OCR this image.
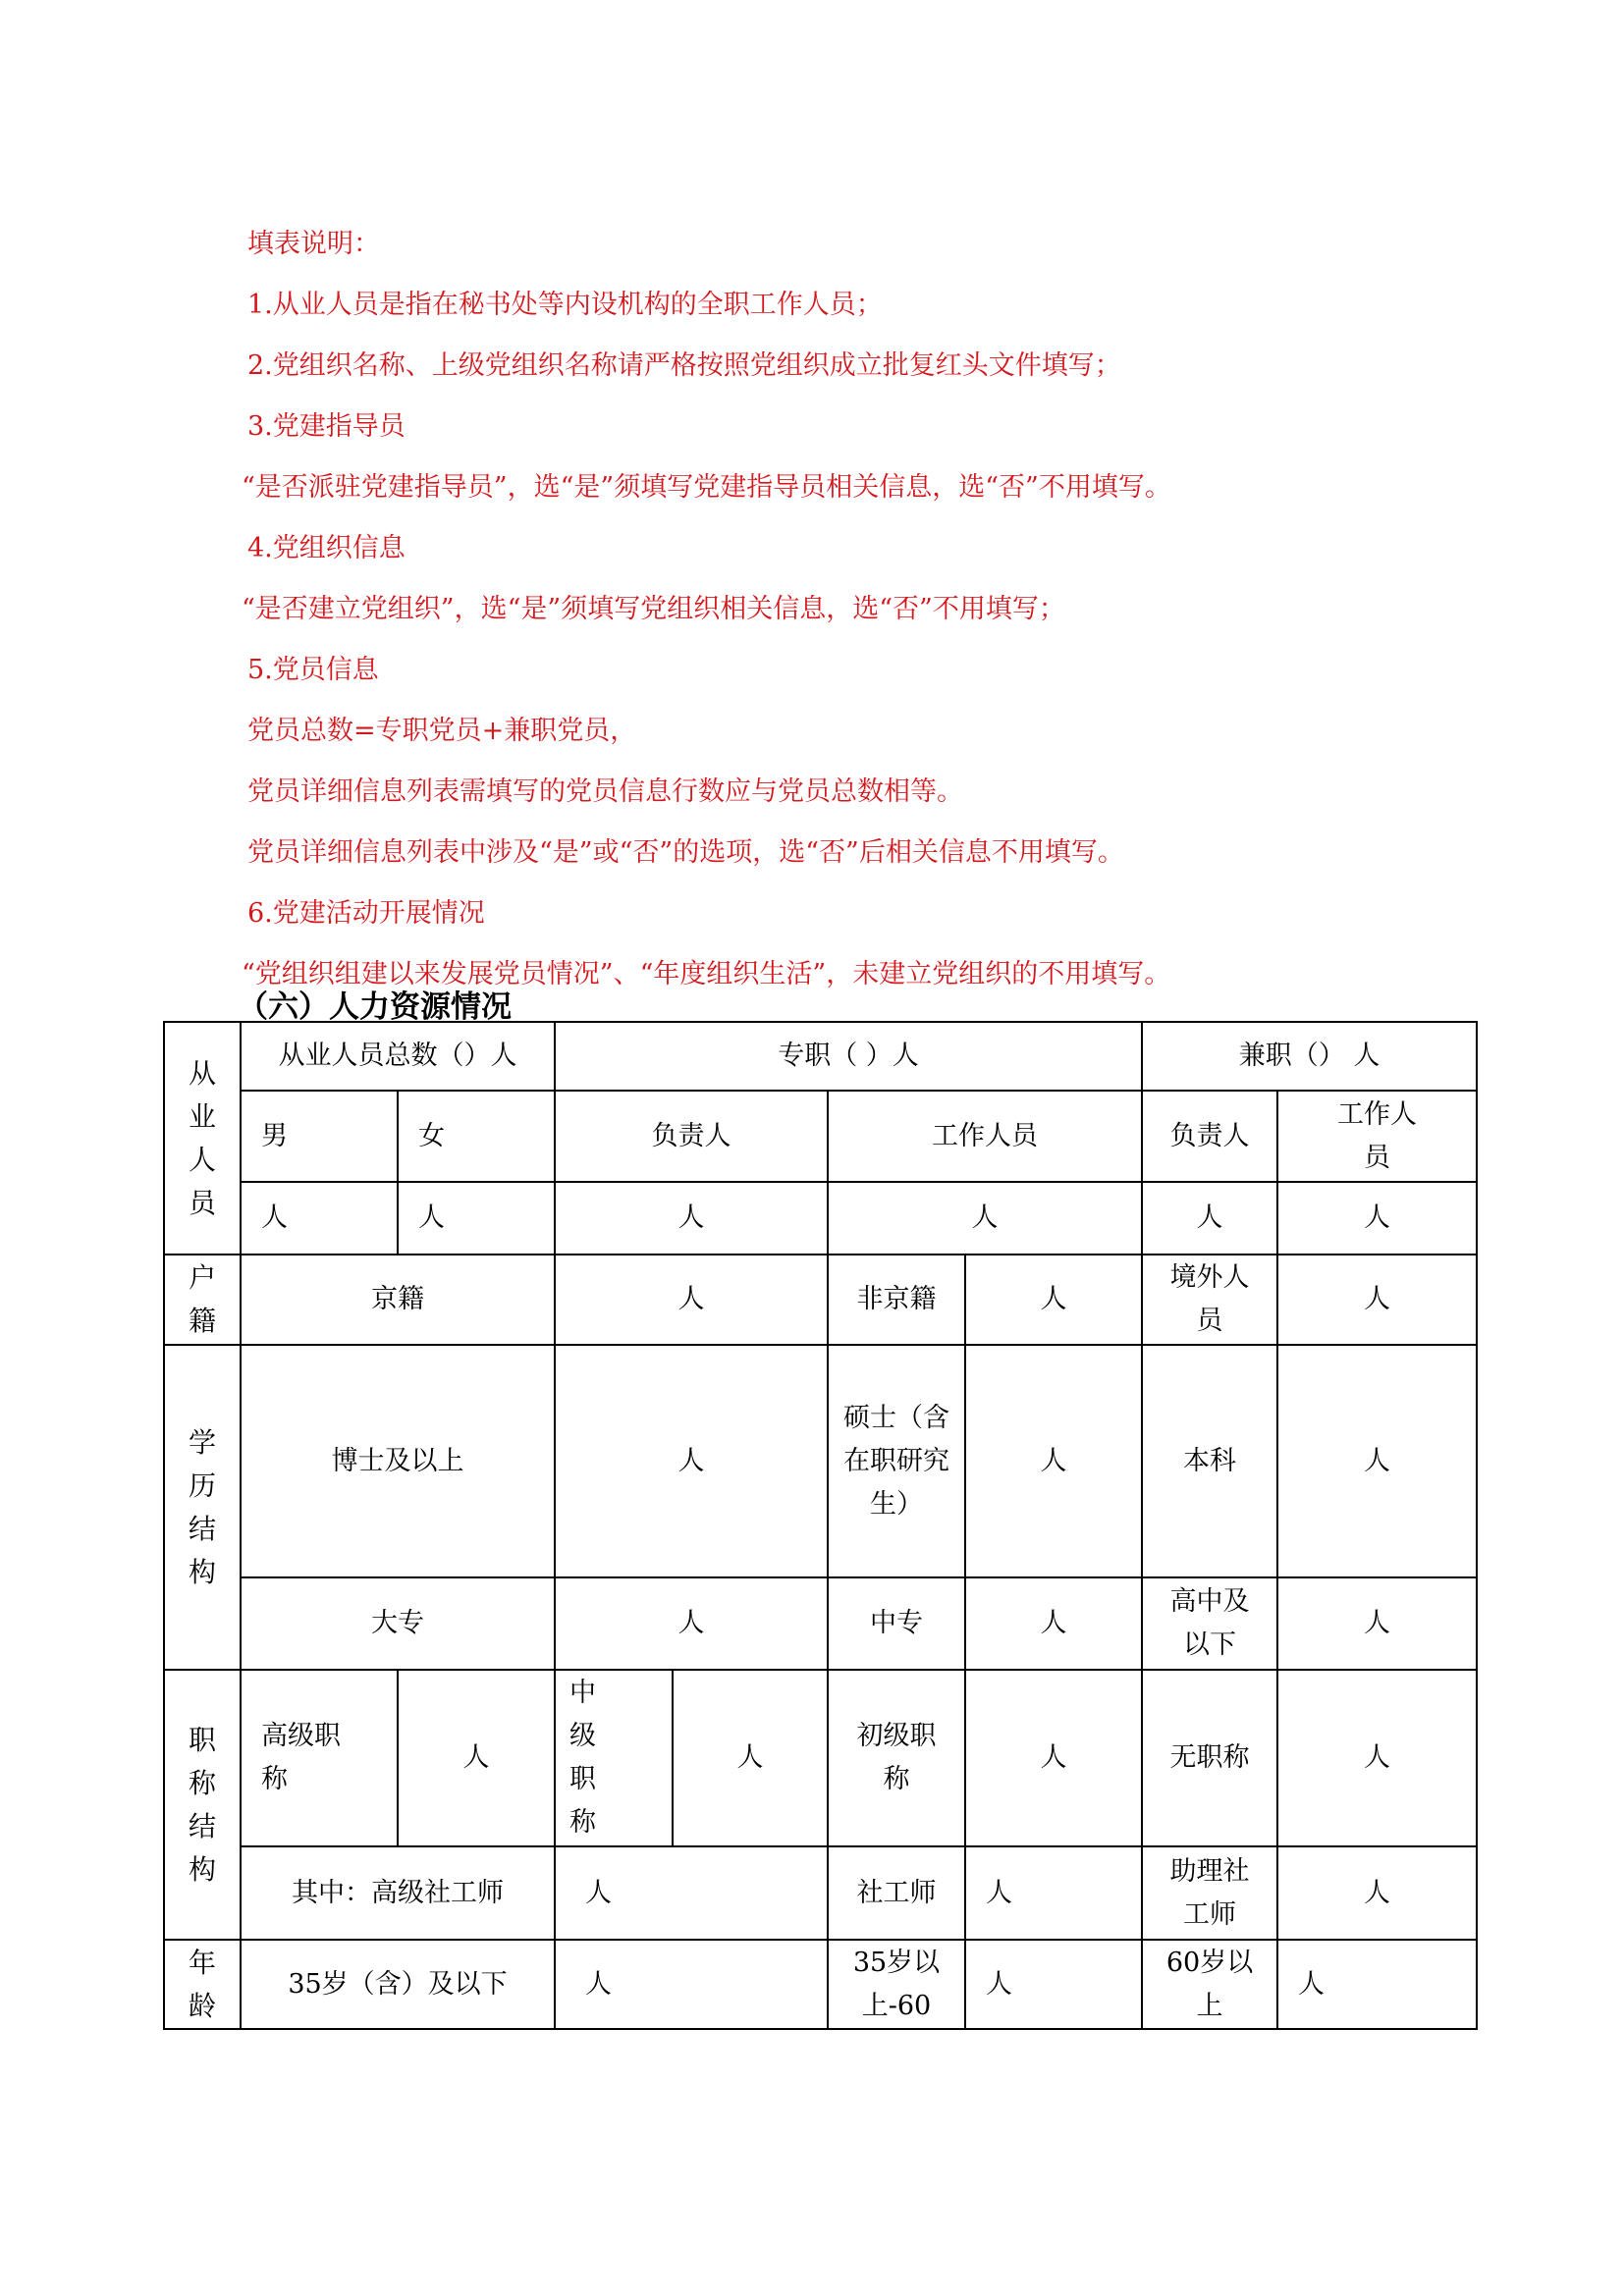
填表说明：
1.从业人员是指在秘书处等内设机构的全职工作人员；
2.党组织名称、上级党组织名称请严格按照党组织成立批复红头文件填写；
3.党建指导员
“是否派驻党建指导员”，选“是”须填写党建指导员相关信息，选“否”不用填写。
4.党组织信息
“是否建立党组织”，选“是”须填写党组织相关信息，选“否”不用填写；
5.党员信息
党员总数=专职党员+兼职党员，
党员详细信息列表需填写的党员信息行数应与党员总数相等。
党员详细信息列表中涉及“是”或“否”的选项，选“否”后相关信息不用填写。
6.党建活动开展情况
“党组织组建以来发展党员情况”、“年度组织生活”，未建立党组织的不用填写。
（六）人力资源情况
从业人员	从业人员总数（）人		专职（ ）人				兼职（） 人	
	男	女	负责人		工作人员		负责人	工作人员
	人	人	人		人		人	人
户籍	京籍		人		非京籍	人	境外人员	人
学历结构	博士及以上		人		硕士（含在职研究生）	人	本科	人
	大专		人		中专	人	高中及以下	人
职称结构	高级职称	人	中级职称	人	初级职称	人	无职称	人
	其中：高级社工师		人		社工师	人	助理社工师	人
年龄	35岁（含）及以下		人		35岁以上-60	人	60岁以上	人
